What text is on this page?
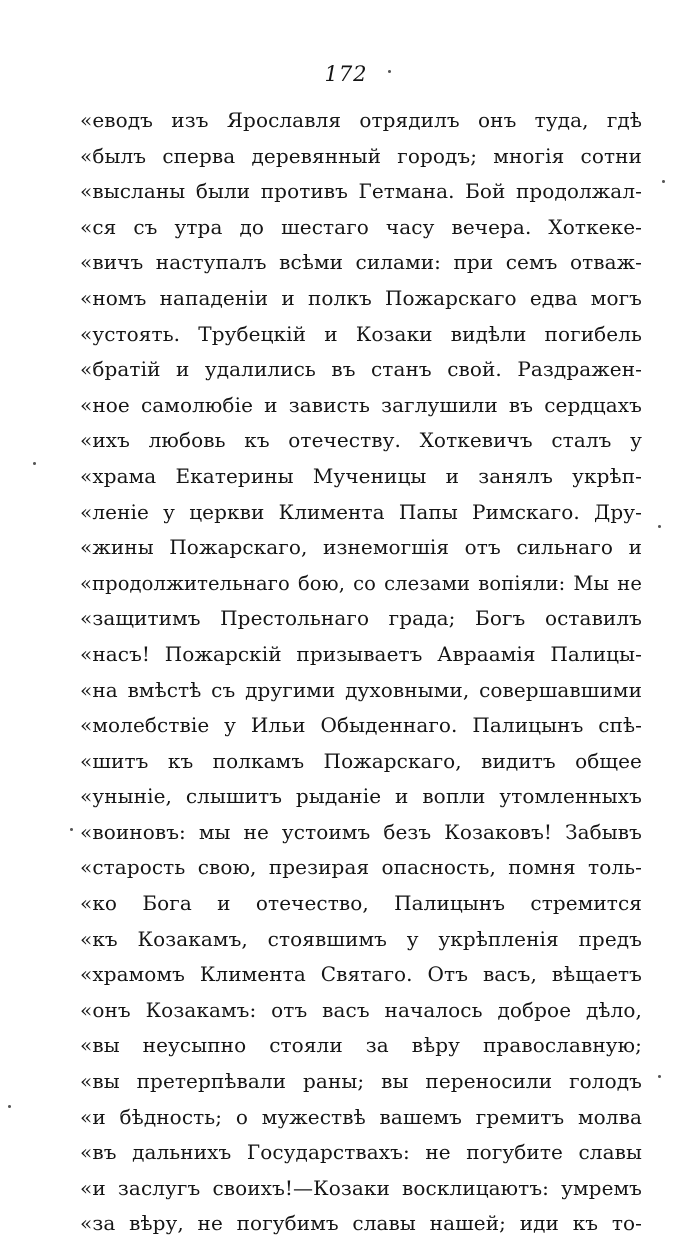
172
«еводъ изъ Ярославля отрядилъ онъ туда, гдѣ
«былъ сперва деревянный городъ; многія сотни
«высланы были противъ Гетмана. Бой продолжал-
«ся съ утра до шестаго часу вечера. Хоткеке-
«вичъ наступалъ всѣми силами: при семъ отваж-
«номъ нападеніи и полкъ Пожарскаго едва могъ
«устоять. Трубецкій и Козаки видѣли погибель
«братій и удалились въ станъ свой. Раздражен-
«ное самолюбіе и зависть заглушили въ сердцахъ
«ихъ любовь къ отечеству. Хоткевичъ сталъ у
«храма Екатерины Мученицы и занялъ укрѣп-
«леніе у церкви Климента Папы Римскаго. Дру-
«жины Пожарскаго, изнемогшія отъ сильнаго и
«продолжительнаго бою, со слезами вопіяли: Мы не
«защитимъ Престольнаго града; Богъ оставилъ
«насъ! Пожарскій призываетъ Авраамія Палицы-
«на вмѣстѣ съ другими духовными, совершавшими
«молебствіе у Ильи Обыденнаго. Палицынъ спѣ-
«шитъ къ полкамъ Пожарскаго, видитъ общее
«уныніе, слышитъ рыданіе и вопли утомленныхъ
«воиновъ: мы не устоимъ безъ Козаковъ! Забывъ
«старость свою, презирая опасность, помня толь-
«ко Бога и отечество, Палицынъ стремится
«къ Козакамъ, стоявшимъ у укрѣпленія предъ
«храмомъ Климента Святаго. Отъ васъ, вѣщаетъ
«онъ Козакамъ: отъ васъ началось доброе дѣло,
«вы неусыпно стояли за вѣру православную;
«вы претерпѣвали раны; вы переносили голодъ
«и бѣдность; о мужествѣ вашемъ гремитъ молва
«въ дальнихъ Государствахъ: не погубите славы
«и заслугъ своихъ!—Козаки восклицаютъ: умремъ
«за вѣру, не погубимъ славы нашей; иди къ то-
